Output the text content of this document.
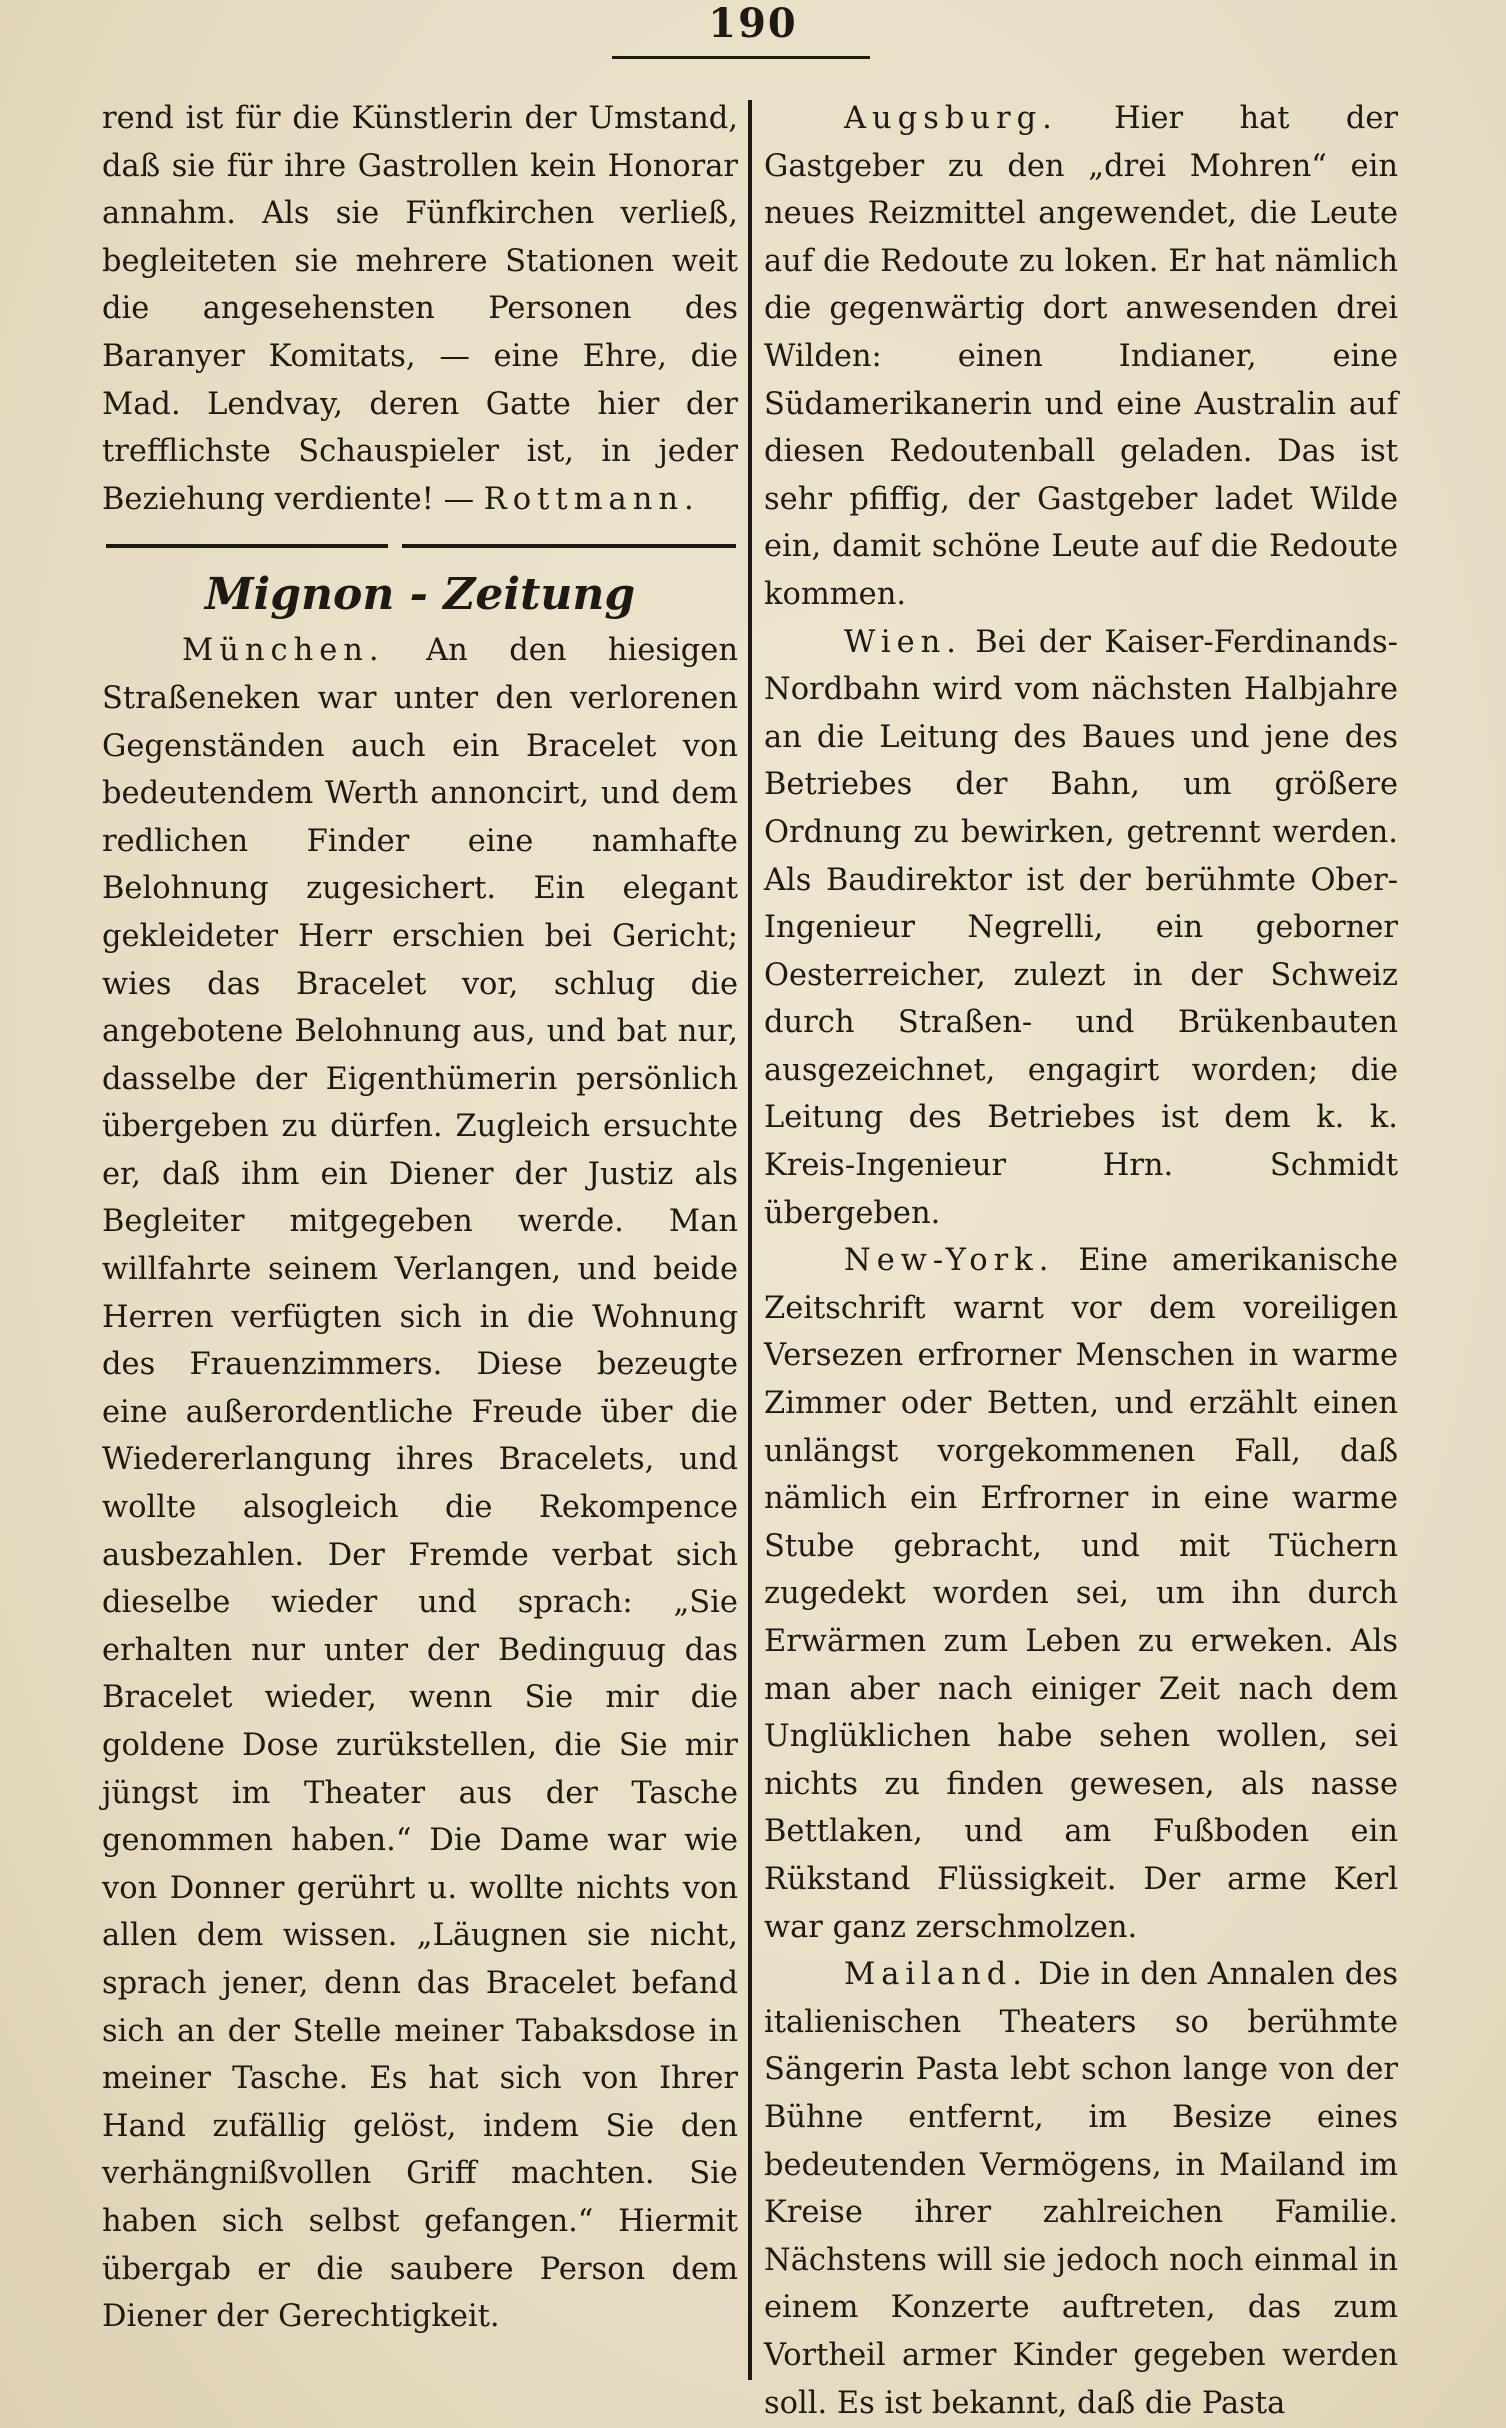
190

rend ist für die Künstlerin der Umstand, daß sie für ihre Gastrollen kein Honorar annahm. Als sie Fünfkirchen verließ, begleiteten sie mehrere Stationen weit die angesehensten Personen des Baranyer Komitats, — eine Ehre, die Mad. Lendvay, deren Gatte hier der trefflichste Schauspieler ist, in jeder Beziehung verdiente! — Rottmann.

Mignon - Zeitung

München. An den hiesigen Straßeneken war unter den verlorenen Gegenständen auch ein Bracelet von bedeutendem Werth annoncirt, und dem redlichen Finder eine namhafte Belohnung zugesichert. Ein elegant gekleideter Herr erschien bei Gericht; wies das Bracelet vor, schlug die angebotene Belohnung aus, und bat nur, dasselbe der Eigenthümerin persönlich übergeben zu dürfen. Zugleich ersuchte er, daß ihm ein Diener der Justiz als Begleiter mitgegeben werde. Man willfahrte seinem Verlangen, und beide Herren verfügten sich in die Wohnung des Frauenzimmers. Diese bezeugte eine außerordentliche Freude über die Wiedererlangung ihres Bracelets, und wollte alsogleich die Rekompence ausbezahlen. Der Fremde verbat sich dieselbe wieder und sprach: „Sie erhalten nur unter der Bedinguug das Bracelet wieder, wenn Sie mir die goldene Dose zurükstellen, die Sie mir jüngst im Theater aus der Tasche genommen haben.“ Die Dame war wie von Donner gerührt u. wollte nichts von allen dem wissen. „Läugnen sie nicht, sprach jener, denn das Bracelet befand sich an der Stelle meiner Tabaksdose in meiner Tasche. Es hat sich von Ihrer Hand zufällig gelöst, indem Sie den verhängnißvollen Griff machten. Sie haben sich selbst gefangen.“ Hiermit übergab er die saubere Person dem Diener der Gerechtigkeit.

Augsburg. Hier hat der Gastgeber zu den „drei Mohren“ ein neues Reizmittel angewendet, die Leute auf die Redoute zu loken. Er hat nämlich die gegenwärtig dort anwesenden drei Wilden: einen Indianer, eine Südamerikanerin und eine Australin auf diesen Redoutenball geladen. Das ist sehr pfiffig, der Gastgeber ladet Wilde ein, damit schöne Leute auf die Redoute kommen.

Wien. Bei der Kaiser-Ferdinands-Nordbahn wird vom nächsten Halbjahre an die Leitung des Baues und jene des Betriebes der Bahn, um größere Ordnung zu bewirken, getrennt werden. Als Baudirektor ist der berühmte Ober-Ingenieur Negrelli, ein geborner Oesterreicher, zulezt in der Schweiz durch Straßen- und Brükenbauten ausgezeichnet, engagirt worden; die Leitung des Betriebes ist dem k. k. Kreis-Ingenieur Hrn. Schmidt übergeben.

New-York. Eine amerikanische Zeitschrift warnt vor dem voreiligen Versezen erfrorner Menschen in warme Zimmer oder Betten, und erzählt einen unlängst vorgekommenen Fall, daß nämlich ein Erfrorner in eine warme Stube gebracht, und mit Tüchern zugedekt worden sei, um ihn durch Erwärmen zum Leben zu erweken. Als man aber nach einiger Zeit nach dem Unglüklichen habe sehen wollen, sei nichts zu finden gewesen, als nasse Bettlaken, und am Fußboden ein Rükstand Flüssigkeit. Der arme Kerl war ganz zerschmolzen.

Mailand. Die in den Annalen des italienischen Theaters so berühmte Sängerin Pasta lebt schon lange von der Bühne entfernt, im Besize eines bedeutenden Vermögens, in Mailand im Kreise ihrer zahlreichen Familie. Nächstens will sie jedoch noch einmal in einem Konzerte auftreten, das zum Vortheil armer Kinder gegeben werden soll. Es ist bekannt, daß die Pasta
